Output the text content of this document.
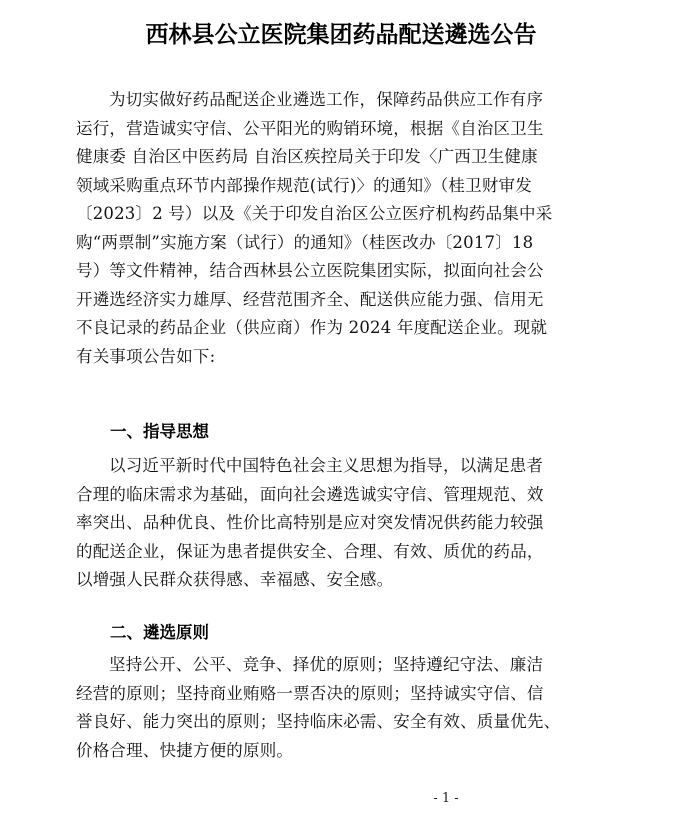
西林县公立医院集团药品配送遴选公告
为切实做好药品配送企业遴选工作，保障药品供应工作有序
运行，营造诚实守信、公平阳光的购销环境，根据《自治区卫生
健康委 自治区中医药局 自治区疾控局关于印发〈广西卫生健康
领域采购重点环节内部操作规范(试行)〉的通知》（桂卫财审发
〔2023〕2 号）以及《关于印发自治区公立医疗机构药品集中采
购“两票制”实施方案（试行）的通知》（桂医改办〔2017〕18
号）等文件精神，结合西林县公立医院集团实际，拟面向社会公
开遴选经济实力雄厚、经营范围齐全、配送供应能力强、信用无
不良记录的药品企业（供应商）作为 2024 年度配送企业。现就
有关事项公告如下:
一、指导思想
以习近平新时代中国特色社会主义思想为指导，以满足患者
合理的临床需求为基础，面向社会遴选诚实守信、管理规范、效
率突出、品种优良、性价比高特别是应对突发情况供药能力较强
的配送企业，保证为患者提供安全、合理、有效、质优的药品，
以增强人民群众获得感、幸福感、安全感。
二、遴选原则
坚持公开、公平、竞争、择优的原则；坚持遵纪守法、廉洁
经营的原则；坚持商业贿赂一票否决的原则；坚持诚实守信、信
誉良好、能力突出的原则；坚持临床必需、安全有效、质量优先、
价格合理、快捷方便的原则。
- 1 -
